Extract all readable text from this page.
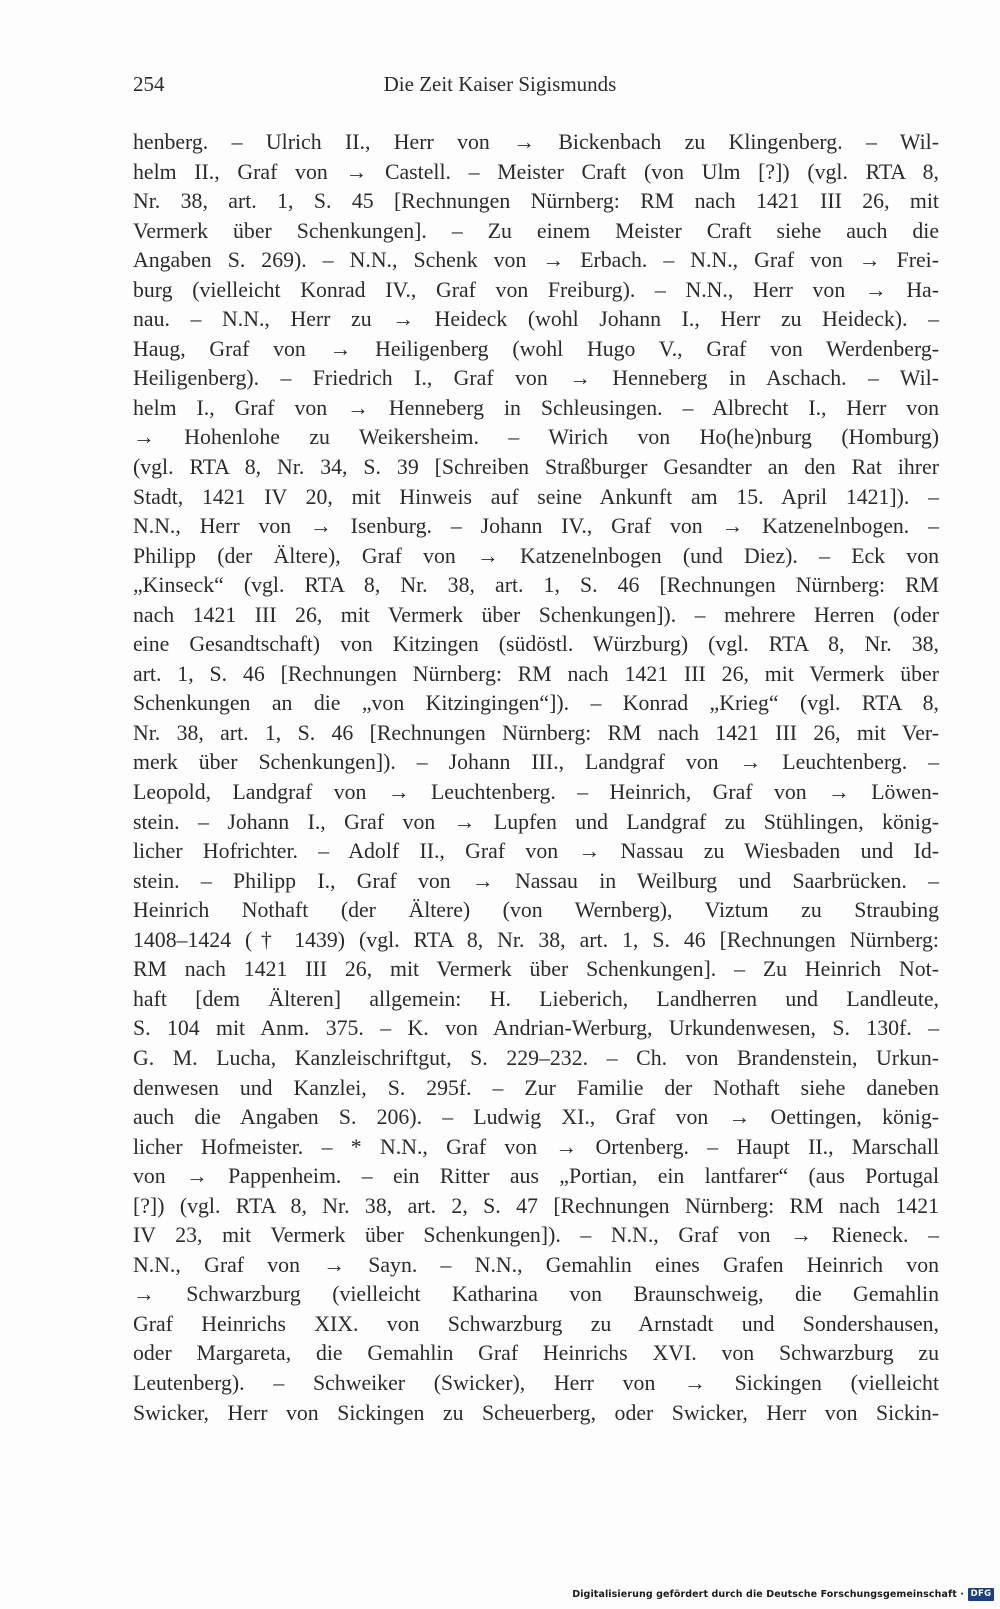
254	Die Zeit Kaiser Sigismunds
henberg. – Ulrich II., Herr von → Bickenbach zu Klingenberg. – Wil-
helm II., Graf von → Castell. – Meister Craft (von Ulm [?]) (vgl. RTA 8,
Nr. 38, art. 1, S. 45 [Rechnungen Nürnberg: RM nach 1421 III 26, mit
Vermerk über Schenkungen]. – Zu einem Meister Craft siehe auch die
Angaben S. 269). – N.N., Schenk von → Erbach. – N.N., Graf von → Frei-
burg (vielleicht Konrad IV., Graf von Freiburg). – N.N., Herr von → Ha-
nau. – N.N., Herr zu → Heideck (wohl Johann I., Herr zu Heideck). –
Haug, Graf von → Heiligenberg (wohl Hugo V., Graf von Werdenberg-
Heiligenberg). – Friedrich I., Graf von → Henneberg in Aschach. – Wil-
helm I., Graf von → Henneberg in Schleusingen. – Albrecht I., Herr von
→ Hohenlohe zu Weikersheim. – Wirich von Ho(he)nburg (Homburg)
(vgl. RTA 8, Nr. 34, S. 39 [Schreiben Straßburger Gesandter an den Rat ihrer
Stadt, 1421 IV 20, mit Hinweis auf seine Ankunft am 15. April 1421]). –
N.N., Herr von → Isenburg. – Johann IV., Graf von → Katzenelnbogen. –
Philipp (der Ältere), Graf von → Katzenelnbogen (und Diez). – Eck von
„Kinseck“ (vgl. RTA 8, Nr. 38, art. 1, S. 46 [Rechnungen Nürnberg: RM
nach 1421 III 26, mit Vermerk über Schenkungen]). – mehrere Herren (oder
eine Gesandtschaft) von Kitzingen (südöstl. Würzburg) (vgl. RTA 8, Nr. 38,
art. 1, S. 46 [Rechnungen Nürnberg: RM nach 1421 III 26, mit Vermerk über
Schenkungen an die „von Kitzingingen“]). – Konrad „Krieg“ (vgl. RTA 8,
Nr. 38, art. 1, S. 46 [Rechnungen Nürnberg: RM nach 1421 III 26, mit Ver-
merk über Schenkungen]). – Johann III., Landgraf von → Leuchtenberg. –
Leopold, Landgraf von → Leuchtenberg. – Heinrich, Graf von → Löwen-
stein. – Johann I., Graf von → Lupfen und Landgraf zu Stühlingen, könig-
licher Hofrichter. – Adolf II., Graf von → Nassau zu Wiesbaden und Id-
stein. – Philipp I., Graf von → Nassau in Weilburg und Saarbrücken. –
Heinrich Nothaft (der Ältere) (von Wernberg), Viztum zu Straubing
1408–1424 († 1439) (vgl. RTA 8, Nr. 38, art. 1, S. 46 [Rechnungen Nürnberg:
RM nach 1421 III 26, mit Vermerk über Schenkungen]. – Zu Heinrich Not-
haft [dem Älteren] allgemein: H. Lieberich, Landherren und Landleute,
S. 104 mit Anm. 375. – K. von Andrian-Werburg, Urkundenwesen, S. 130f. –
G. M. Lucha, Kanzleischriftgut, S. 229–232. – Ch. von Brandenstein, Urkun-
denwesen und Kanzlei, S. 295f. – Zur Familie der Nothaft siehe daneben
auch die Angaben S. 206). – Ludwig XI., Graf von → Oettingen, könig-
licher Hofmeister. – * N.N., Graf von → Ortenberg. – Haupt II., Marschall
von → Pappenheim. – ein Ritter aus „Portian, ein lantfarer“ (aus Portugal
[?]) (vgl. RTA 8, Nr. 38, art. 2, S. 47 [Rechnungen Nürnberg: RM nach 1421
IV 23, mit Vermerk über Schenkungen]). – N.N., Graf von → Rieneck. –
N.N., Graf von → Sayn. – N.N., Gemahlin eines Grafen Heinrich von
→ Schwarzburg (vielleicht Katharina von Braunschweig, die Gemahlin
Graf Heinrichs XIX. von Schwarzburg zu Arnstadt und Sondershausen,
oder Margareta, die Gemahlin Graf Heinrichs XVI. von Schwarzburg zu
Leutenberg). – Schweiker (Swicker), Herr von → Sickingen (vielleicht
Swicker, Herr von Sickingen zu Scheuerberg, oder Swicker, Herr von Sickin-
Digitalisierung gefördert durch die Deutsche Forschungsgemeinschaft · DFG
